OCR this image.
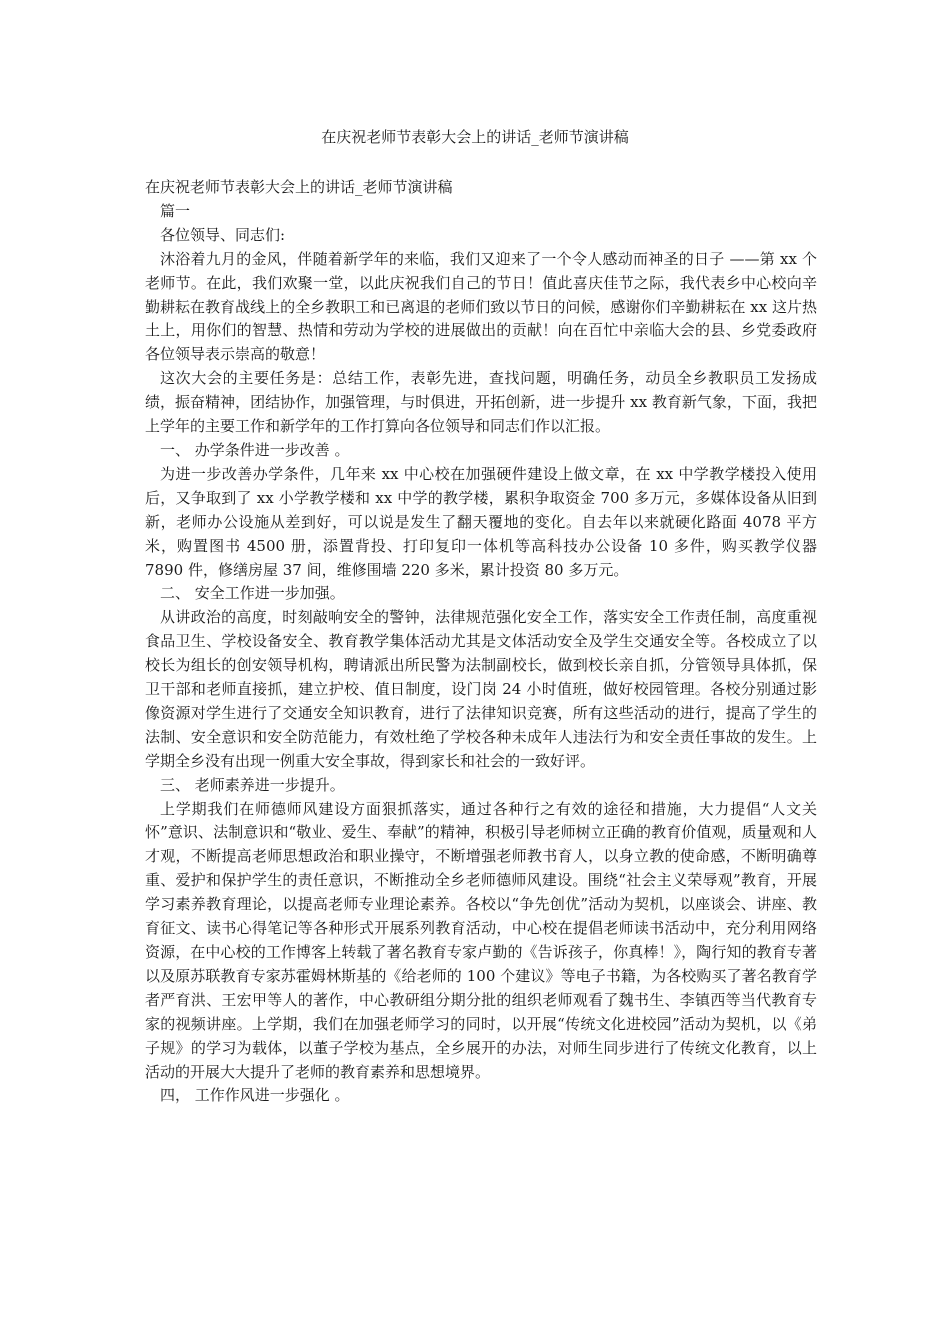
在庆祝老师节表彰大会上的讲话_老师节演讲稿

在庆祝老师节表彰大会上的讲话_老师节演讲稿

篇一

各位领导、同志们:

沐浴着九月的金风，伴随着新学年的来临，我们又迎来了一个令人感动而神圣的日子 ——第 xx 个老师节。在此，我们欢聚一堂，以此庆祝我们自己的节日！值此喜庆佳节之际，我代表乡中心校向辛勤耕耘在教育战线上的全乡教职工和已离退的老师们致以节日的问候，感谢你们辛勤耕耘在 xx 这片热土上，用你们的智慧、热情和劳动为学校的进展做出的贡献！向在百忙中亲临大会的县、乡党委政府各位领导表示崇高的敬意！

这次大会的主要任务是：总结工作，表彰先进，查找问题，明确任务，动员全乡教职员工发扬成绩，振奋精神，团结协作，加强管理，与时俱进，开拓创新，进一步提升 xx 教育新气象，下面，我把上学年的主要工作和新学年的工作打算向各位领导和同志们作以汇报。

一、 办学条件进一步改善 。

为进一步改善办学条件，几年来 xx 中心校在加强硬件建设上做文章，在 xx 中学教学楼投入使用后，又争取到了 xx 小学教学楼和 xx 中学的教学楼，累积争取资金 700 多万元，多媒体设备从旧到新，老师办公设施从差到好，可以说是发生了翻天覆地的变化。自去年以来就硬化路面 4078 平方米，购置图书 4500 册，添置背投、打印复印一体机等高科技办公设备 10 多件，购买教学仪器 7890 件，修缮房屋 37 间，维修围墙 220 多米，累计投资 80 多万元。

二、 安全工作进一步加强。

从讲政治的高度，时刻敲响安全的警钟，法律规范强化安全工作，落实安全工作责任制，高度重视食品卫生、学校设备安全、教育教学集体活动尤其是文体活动安全及学生交通安全等。各校成立了以校长为组长的创安领导机构，聘请派出所民警为法制副校长，做到校长亲自抓，分管领导具体抓，保卫干部和老师直接抓，建立护校、值日制度，设门岗 24 小时值班，做好校园管理。各校分别通过影像资源对学生进行了交通安全知识教育，进行了法律知识竞赛，所有这些活动的进行，提高了学生的法制、安全意识和安全防范能力，有效杜绝了学校各种未成年人违法行为和安全责任事故的发生。上学期全乡没有出现一例重大安全事故，得到家长和社会的一致好评。

三、 老师素养进一步提升。

上学期我们在师德师风建设方面狠抓落实，通过各种行之有效的途径和措施，大力提倡“人文关怀”意识、法制意识和“敬业、爱生、奉献”的精神，积极引导老师树立正确的教育价值观，质量观和人才观，不断提高老师思想政治和职业操守，不断增强老师教书育人，以身立教的使命感，不断明确尊重、爱护和保护学生的责任意识，不断推动全乡老师德师风建设。围绕“社会主义荣辱观”教育，开展学习素养教育理论，以提高老师专业理论素养。各校以“争先创优”活动为契机，以座谈会、讲座、教育征文、读书心得笔记等各种形式开展系列教育活动，中心校在提倡老师读书活动中，充分利用网络资源，在中心校的工作博客上转载了著名教育专家卢勤的《告诉孩子，你真棒！》，陶行知的教育专著以及原苏联教育专家苏霍姆林斯基的《给老师的 100 个建议》等电子书籍，为各校购买了著名教育学者严育洪、王宏甲等人的著作，中心教研组分期分批的组织老师观看了魏书生、李镇西等当代教育专家的视频讲座。上学期，我们在加强老师学习的同时，以开展“传统文化进校园”活动为契机，以《弟子规》的学习为载体，以董子学校为基点，全乡展开的办法，对师生同步进行了传统文化教育，以上活动的开展大大提升了老师的教育素养和思想境界。

四， 工作作风进一步强化 。
